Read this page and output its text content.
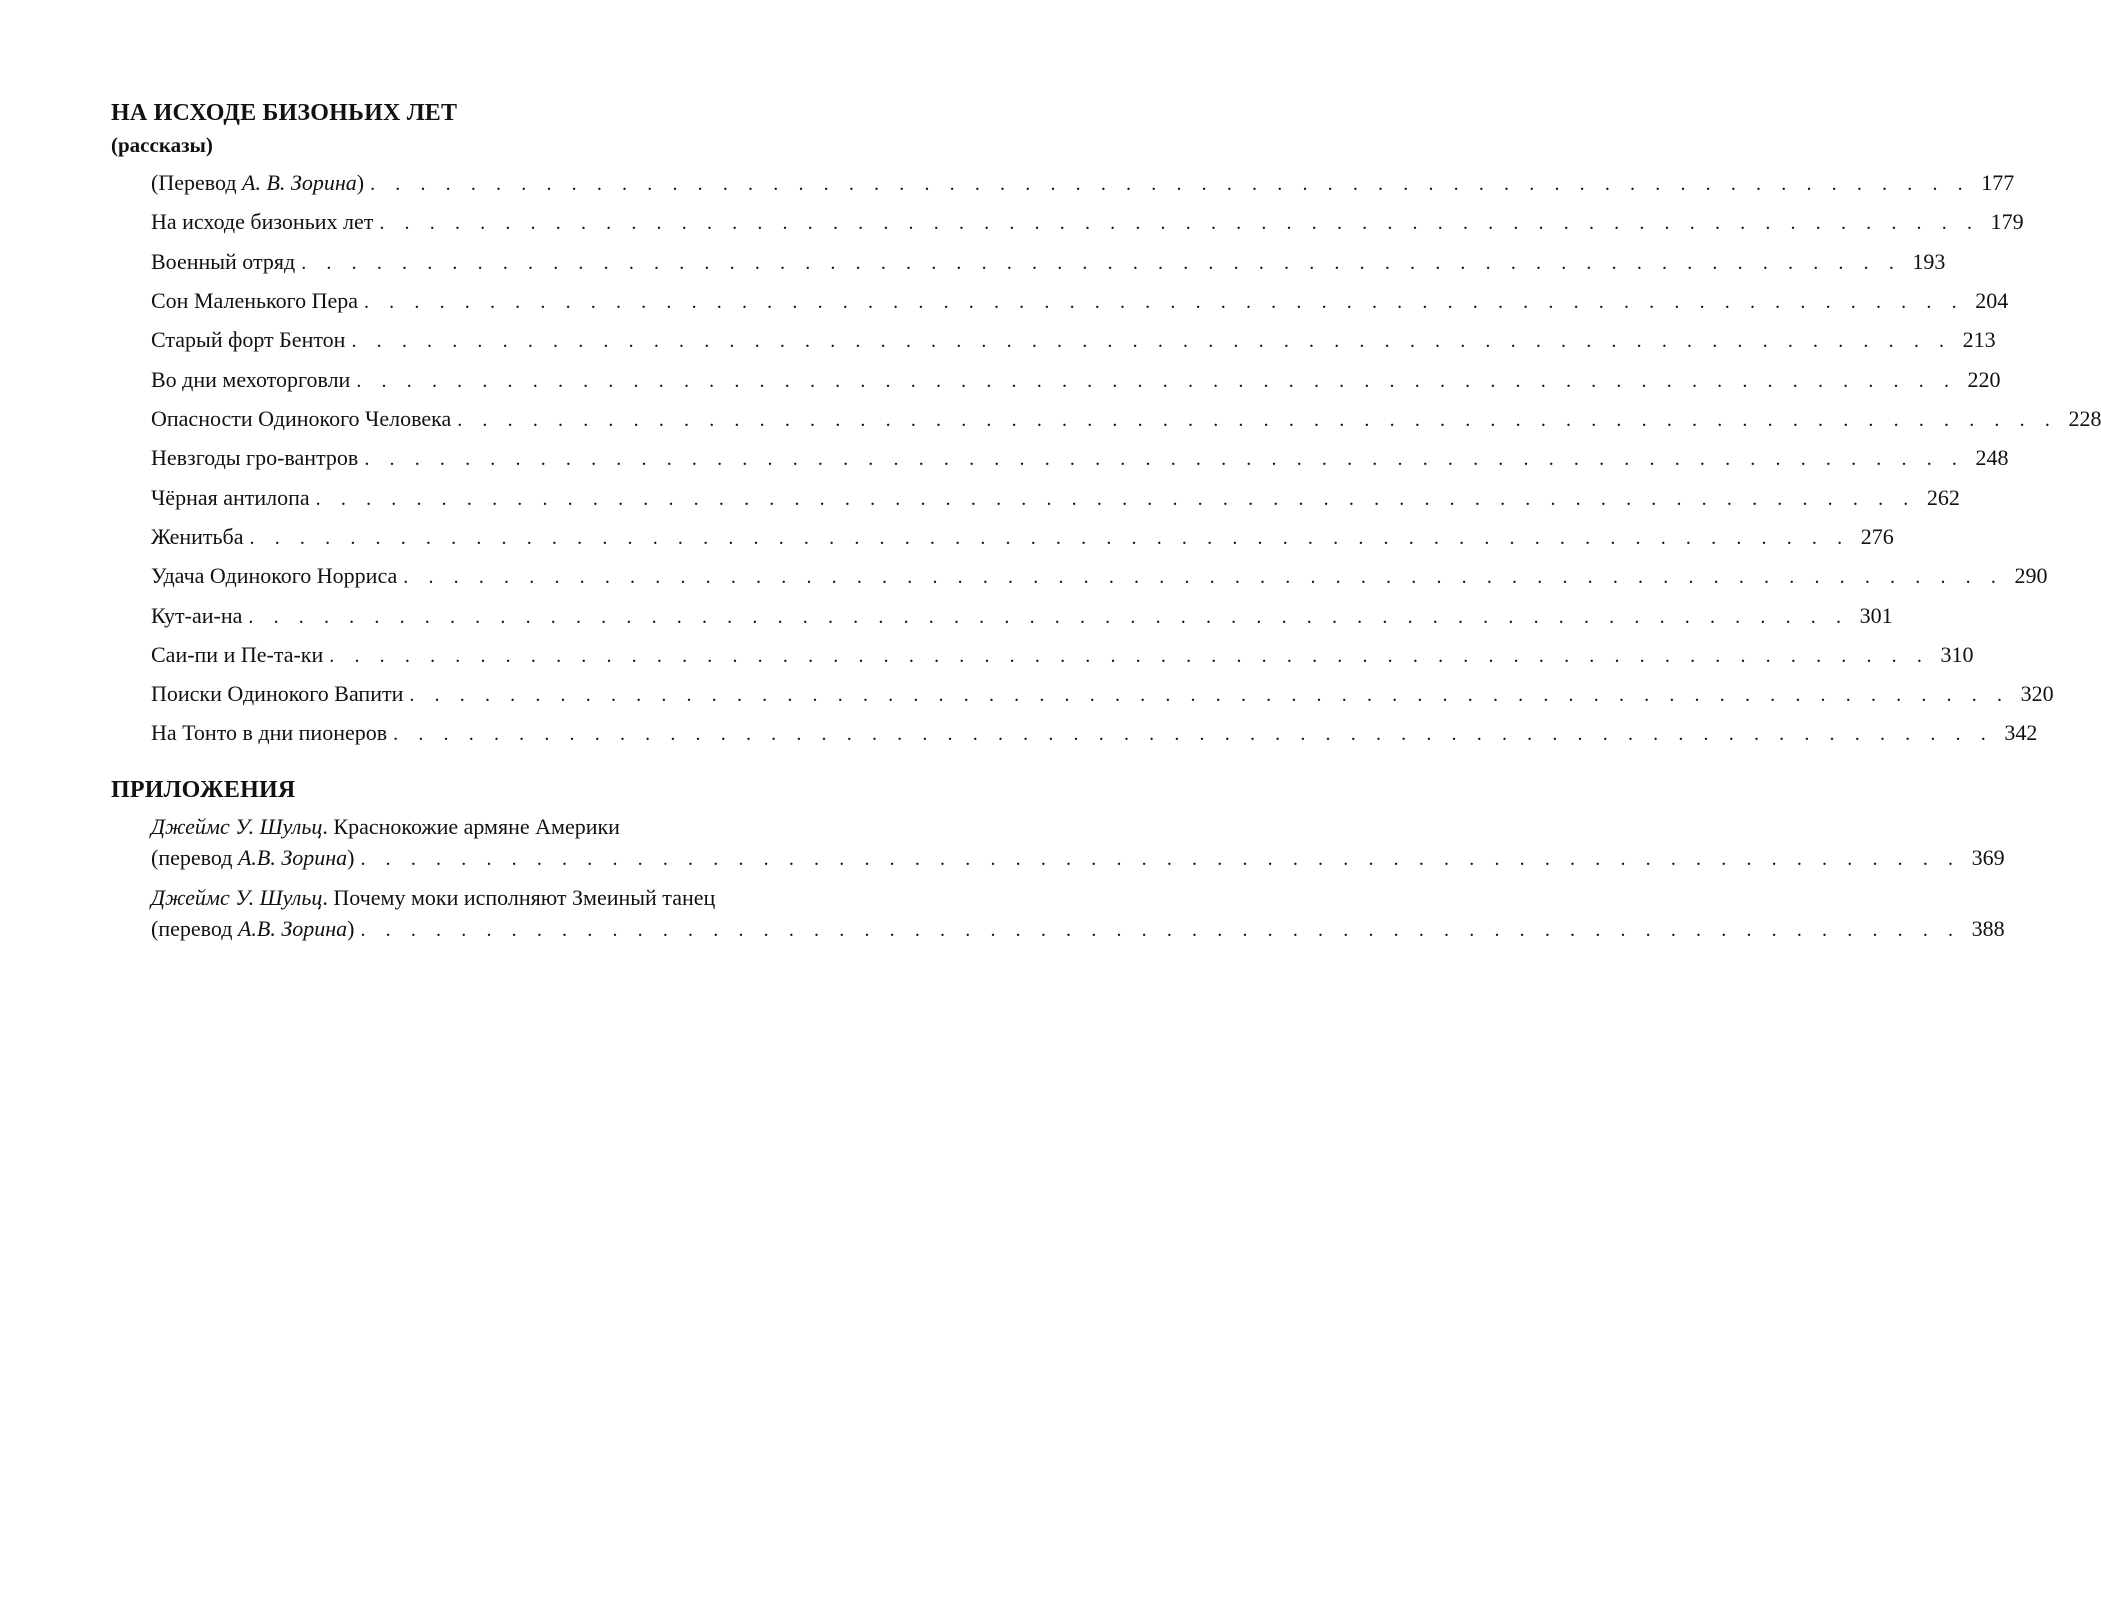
НА ИСХОДЕ БИЗОНЬИХ ЛЕТ
(рассказы)
(Перевод А. В. Зорина) . . . . . . . . . . . . . . . . . . . . . . . . . . . . . . . . . . . . . . . . . . . . . . . . . . . . . . . . . . . . . . . . 177
На исходе бизоньих лет . . . . . . . . . . . . . . . . . . . . . . . . . . . . . . . . . . . . . . . . . . . . . . . . . . . . . . . . . . . . . . . . 179
Военный отряд . . . . . . . . . . . . . . . . . . . . . . . . . . . . . . . . . . . . . . . . . . . . . . . . . . . . . . . . . . . . . . . . 193
Сон Маленького Пера . . . . . . . . . . . . . . . . . . . . . . . . . . . . . . . . . . . . . . . . . . . . . . . . . . . . . . . . . . . . . . . . 204
Старый форт Бентон . . . . . . . . . . . . . . . . . . . . . . . . . . . . . . . . . . . . . . . . . . . . . . . . . . . . . . . . . . . . . . . . 213
Во дни мехоторговли . . . . . . . . . . . . . . . . . . . . . . . . . . . . . . . . . . . . . . . . . . . . . . . . . . . . . . . . . . . . . . . . 220
Опасности Одинокого Человека . . . . . . . . . . . . . . . . . . . . . . . . . . . . . . . . . . . . . . . . . . . . . . . . . . . . . . . . . . . . . . . . 228
Невзгоды гро-вантров . . . . . . . . . . . . . . . . . . . . . . . . . . . . . . . . . . . . . . . . . . . . . . . . . . . . . . . . . . . . . . . . 248
Чёрная антилопа . . . . . . . . . . . . . . . . . . . . . . . . . . . . . . . . . . . . . . . . . . . . . . . . . . . . . . . . . . . . . . . . 262
Женитьба . . . . . . . . . . . . . . . . . . . . . . . . . . . . . . . . . . . . . . . . . . . . . . . . . . . . . . . . . . . . . . . . 276
Удача Одинокого Норриса . . . . . . . . . . . . . . . . . . . . . . . . . . . . . . . . . . . . . . . . . . . . . . . . . . . . . . . . . . . . . . . . 290
Кут-аи-на . . . . . . . . . . . . . . . . . . . . . . . . . . . . . . . . . . . . . . . . . . . . . . . . . . . . . . . . . . . . . . . . 301
Саи-пи и Пе-та-ки . . . . . . . . . . . . . . . . . . . . . . . . . . . . . . . . . . . . . . . . . . . . . . . . . . . . . . . . . . . . . . . . 310
Поиски Одинокого Вапити . . . . . . . . . . . . . . . . . . . . . . . . . . . . . . . . . . . . . . . . . . . . . . . . . . . . . . . . . . . . . . . . 320
На Тонто в дни пионеров . . . . . . . . . . . . . . . . . . . . . . . . . . . . . . . . . . . . . . . . . . . . . . . . . . . . . . . . . . . . . . . . 342
ПРИЛОЖЕНИЯ
Джеймс У. Шульц. Краснокожие армяне Америки
(перевод А.В. Зорина) . . . . . . . . . . . . . . . . . . . . . . . . . . . . . . . . . . . . . . . . . . . . . . . . . . . . . . . . . . . . . . . . 369
Джеймс У. Шульц. Почему моки исполняют Змеиный танец
(перевод А.В. Зорина) . . . . . . . . . . . . . . . . . . . . . . . . . . . . . . . . . . . . . . . . . . . . . . . . . . . . . . . . . . . . . . . . 388
